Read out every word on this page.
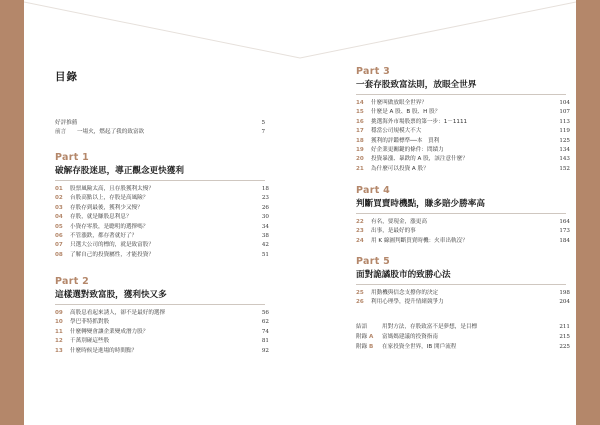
目錄
好評推薦	5
前言	一場火，燃起了我的致富欲	7
Part 1
破解存股迷思，導正觀念更快獲利
01	股票風險太高，且存股獲利太慢？	18
02	台股高點以上，存股是高風險？	23
03	存股存到最後，獲利少又慢？	26
04	存股，就是賺股息利息？	30
05	小資存零股，是聰明的選擇嗎？	34
06	不管漲跌，都存著就好了？	38
07	只選大公司的標的，就是致富股？	42
08	了解自己的投資屬性，才能投資？	51
Part 2
這樣選對致富股，獲利快又多
09	高股息看起來誘人，卻不是最好的選擇	56
10	學巴菲特抓對股	62
11	什麼轉變會讓企業變成潛力股？	74
12	千萬別碰這些股	81
13	什麼時候是進場的時間點？	92
Part 3
一套存股致富法則，放眼全世界
14	什麼叫做放眼全世界？	104
15	什麼是 A 股、B 股、H 股？	107
16	挑選海外市場股票的第一步：1－1111	113
17	穩當公司規模大不大	119
18	獲利的評鑑標準──本　買利	125
19	好企業更關鍵的條件：問績力	134
20	投資暴漲、暴跌的 A 股，該注意什麼？	143
21	為什麼可以投資 A 股？	152
Part 4
判斷買賣時機點，賺多賠少勝率高
22	有名，要現金，漲更高	164
23	出事，是最好的事	173
24	用 K 線圖判斷買賣時機：火車出軌沒？	184
Part 5
面對詭譎股市的致勝心法
25	用動機與信念支撐你的決定	198
26	利用心理學，提升情緒競爭力	204
結語	用對方法，存股致富不是夢想，是目標	211
附錄 A	富媽媽建議的投資指南	215
附錄 B	在家投資全世界，IB 開戶流程	225
